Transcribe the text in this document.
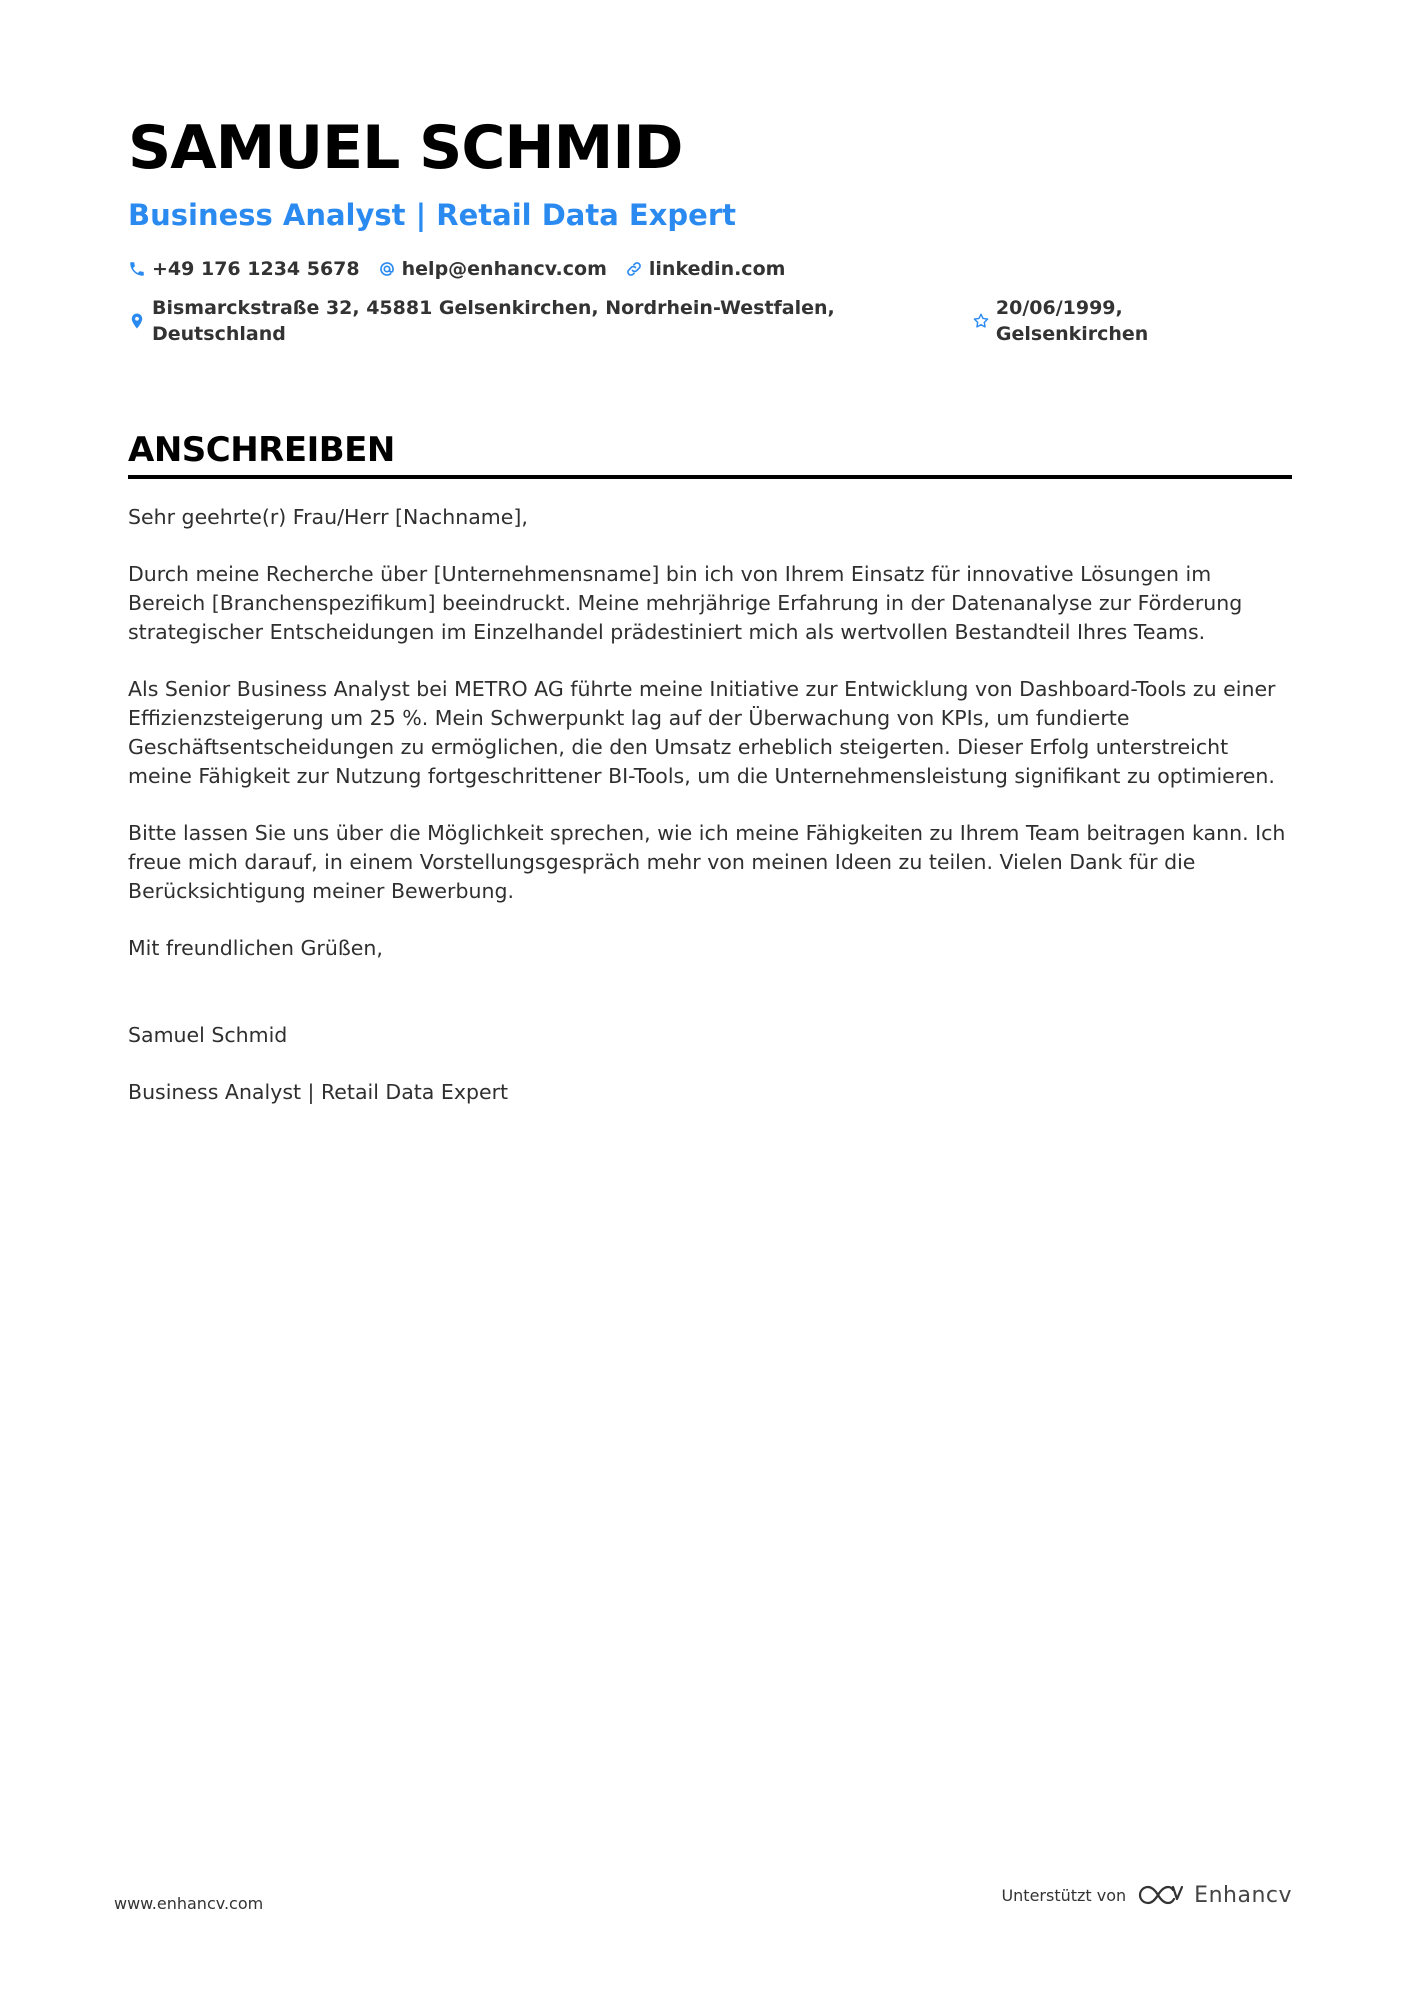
SAMUEL SCHMID
Business Analyst | Retail Data Expert
+49 176 1234 5678 help@enhancv.com linkedin.com
Bismarckstraße 32, 45881 Gelsenkirchen, Nordrhein-Westfalen, Deutschland
20/06/1999, Gelsenkirchen
ANSCHREIBEN

Sehr geehrte(r) Frau/Herr [Nachname],

Durch meine Recherche über [Unternehmensname] bin ich von Ihrem Einsatz für innovative Lösungen im Bereich [Branchenspezifikum] beeindruckt. Meine mehrjährige Erfahrung in der Datenanalyse zur Förderung strategischer Entscheidungen im Einzelhandel prädestiniert mich als wertvollen Bestandteil Ihres Teams.

Als Senior Business Analyst bei METRO AG führte meine Initiative zur Entwicklung von Dashboard-Tools zu einer Effizienzsteigerung um 25 %. Mein Schwerpunkt lag auf der Überwachung von KPIs, um fundierte Geschäftsentscheidungen zu ermöglichen, die den Umsatz erheblich steigerten. Dieser Erfolg unterstreicht meine Fähigkeit zur Nutzung fortgeschrittener BI-Tools, um die Unternehmensleistung signifikant zu optimieren.

Bitte lassen Sie uns über die Möglichkeit sprechen, wie ich meine Fähigkeiten zu Ihrem Team beitragen kann. Ich freue mich darauf, in einem Vorstellungsgespräch mehr von meinen Ideen zu teilen. Vielen Dank für die Berücksichtigung meiner Bewerbung.

Mit freundlichen Grüßen,

Samuel Schmid

Business Analyst | Retail Data Expert

www.enhancv.com	Unterstützt von	Enhancv
